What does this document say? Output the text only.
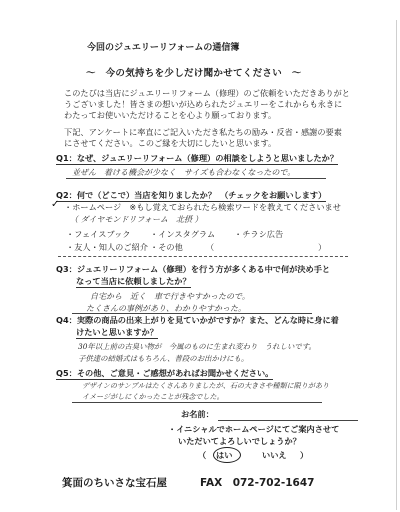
今回のジュエリーリフォームの通信簿
〜　今の気持ちを少しだけ聞かせてください　〜
このたびは当店にジュエリーリフォーム（修理）のご依頼をいただきありがと
うございました！皆さまの想いが込められたジュエリーをこれからも永きに
わたってお使いいただけることを心より願っております。
下記、アンケートに率直にご記入いただき私たちの励み・反省・感謝の要素
にさせてください。このご縁を大切にしたいと思います。
Q1：なぜ、ジュエリーリフォーム（修理）の相談をしようと思いましたか？
並ぜん　着ける機会が少なく　サイズも合わなくなったので。
Q2：何で（どこで）当店を知りましたか？　（チェックをお願いします）
✓ ・ホームページ　※もし覚えておられたら検索ワードを教えてくださいませ
（ ダイヤモンドリフォーム　北摂 ）
・フェイスブック ・インスタグラム ・チラシ広告
・友人・知人のご紹介 ・その他	（	）
Q3：ジュエリーリフォーム（修理）を行う方が多くある中で何が決め手と
なって当店に依頼しましたか？
自宅から　近く　車で行きやすかったので。
たくさんの事例があり、わかりやすかった。
Q4：実際の商品の出来上がりを見ていかがですか？また、どんな時に身に着
けたいと思いますか？
30年以上前の古臭い物が　今風のものに生まれ変わり　うれしいです。
子供達の結婚式はもちろん、普段のお出かけにも。
Q5：その他、ご意見・ご感想があればお聞かせください。
デザインのサンプルはたくさんありましたが、石の大きさや種類に限りがあり
イメージがしにくかったことが残念でした。
お名前：
・イニシャルでホームページにてご案内させて
いただいてよろしいでしょうか？
（ はい	いいえ ）
箕面のちいさな宝石屋	FAX　072-702-1647
